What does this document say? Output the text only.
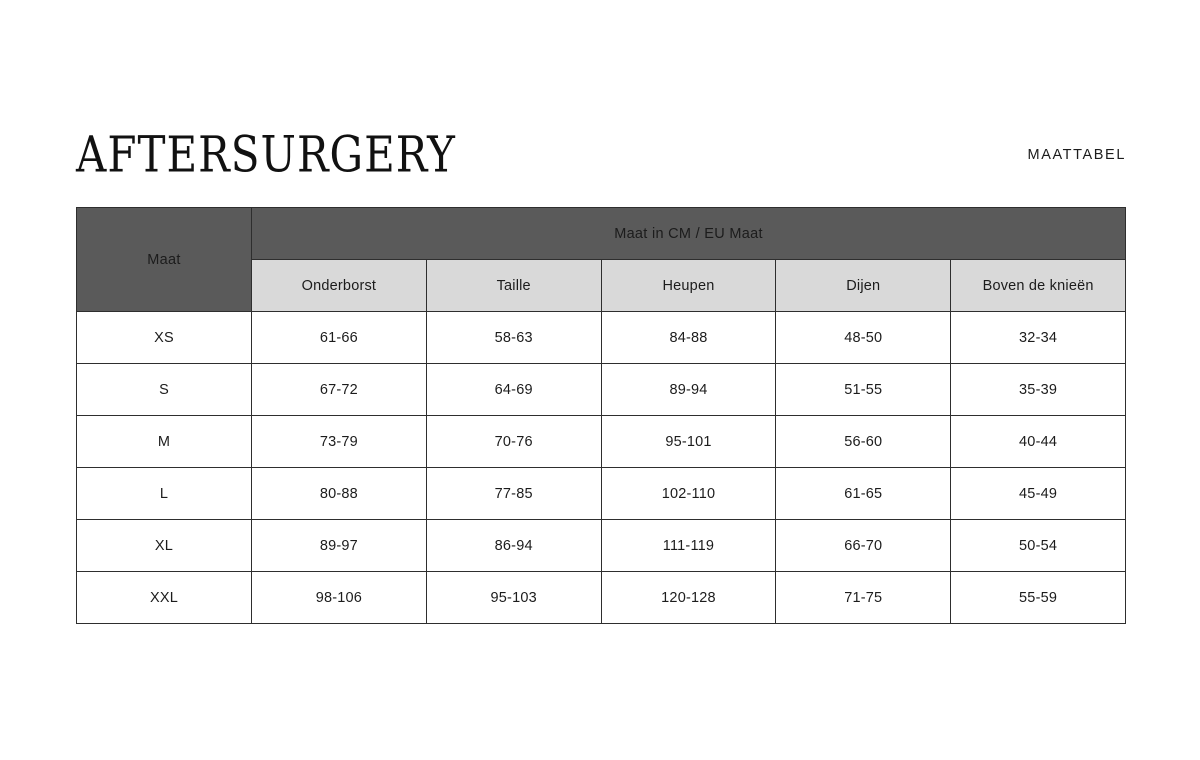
AFTERSURGERY	MAATTABEL
Maat	Maat in CM / EU Maat				
	Onderborst	Taille	Heupen	Dijen	Boven de knieën
XS	61-66	58-63	84-88	48-50	32-34
S	67-72	64-69	89-94	51-55	35-39
M	73-79	70-76	95-101	56-60	40-44
L	80-88	77-85	102-110	61-65	45-49
XL	89-97	86-94	111-119	66-70	50-54
XXL	98-106	95-103	120-128	71-75	55-59
